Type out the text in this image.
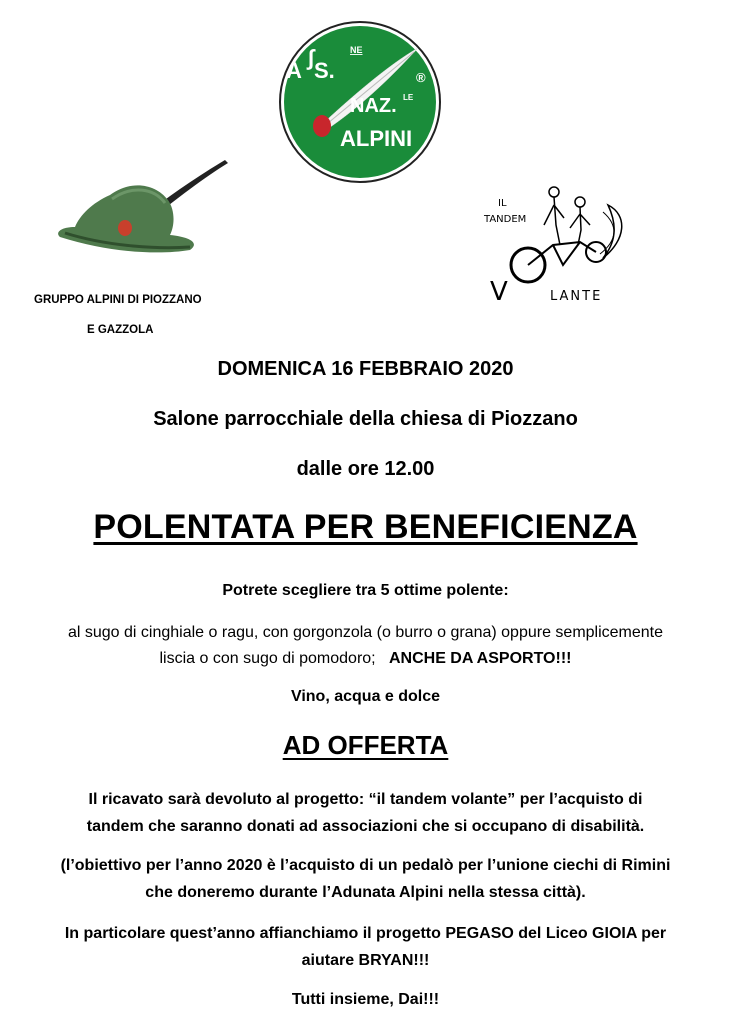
A S.
∫	NE
®
NAZ. LE
ALPINI
IL
TANDEM
V	LANTE
GRUPPO ALPINI DI PIOZZANO
E GAZZOLA
DOMENICA 16 FEBBRAIO 2020
Salone parrocchiale della chiesa di Piozzano
dalle ore 12.00
POLENTATA PER BENEFICIENZA
Potrete scegliere tra 5 ottime polente:
al sugo di cinghiale o ragu, con gorgonzola (o burro o grana) oppure semplicemente
liscia o con sugo di pomodoro; ANCHE DA ASPORTO!!!
Vino, acqua e dolce
AD OFFERTA
Il ricavato sarà devoluto al progetto: “il tandem volante” per l’acquisto di
tandem che saranno donati ad associazioni che si occupano di disabilità.
(l’obiettivo per l’anno 2020 è l’acquisto di un pedalò per l’unione ciechi di Rimini
che doneremo durante l’Adunata Alpini nella stessa città).
In particolare quest’anno affianchiamo il progetto PEGASO del Liceo GIOIA per
aiutare BRYAN!!!
Tutti insieme, Dai!!!
